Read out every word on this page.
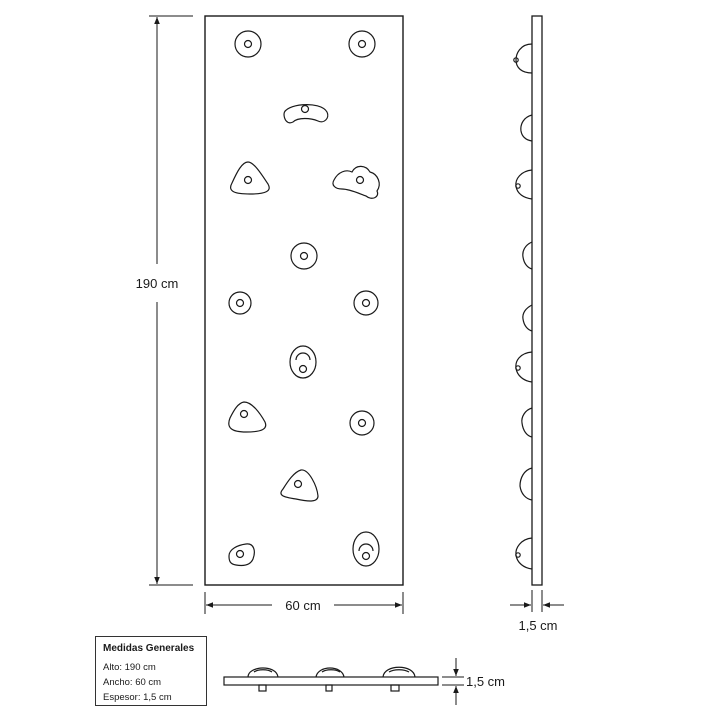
190 cm
60 cm
1,5 cm
1,5 cm
Medidas Generales
Alto: 190 cm
Ancho: 60 cm
Espesor: 1,5 cm
